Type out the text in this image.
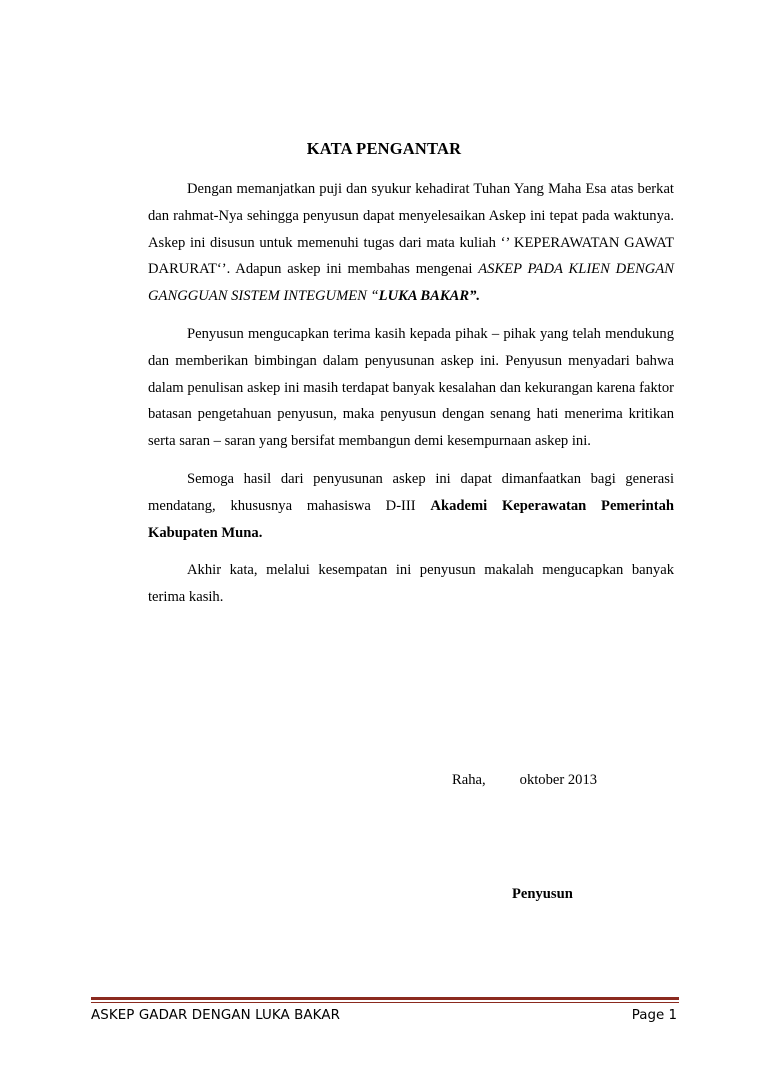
KATA PENGANTAR

Dengan memanjatkan puji dan syukur kehadirat Tuhan Yang Maha Esa atas berkat dan rahmat-Nya sehingga penyusun dapat menyelesaikan Askep ini tepat pada waktunya. Askep ini disusun untuk memenuhi tugas dari mata kuliah ‘’ KEPERAWATAN GAWAT DARURAT‘’. Adapun askep ini membahas mengenai ASKEP PADA KLIEN DENGAN GANGGUAN SISTEM INTEGUMEN “LUKA BAKAR”.

Penyusun mengucapkan terima kasih kepada pihak – pihak yang telah mendukung dan memberikan bimbingan dalam penyusunan askep ini. Penyusun menyadari bahwa dalam penulisan askep ini masih terdapat banyak kesalahan dan kekurangan karena faktor batasan pengetahuan penyusun, maka penyusun dengan senang hati menerima kritikan serta saran – saran yang bersifat membangun demi kesempurnaan askep ini.

Semoga hasil dari penyusunan askep ini dapat dimanfaatkan bagi generasi mendatang, khususnya mahasiswa D-III Akademi Keperawatan Pemerintah Kabupaten Muna.

Akhir kata, melalui kesempatan ini penyusun makalah mengucapkan banyak terima kasih.

Raha, oktober 2013
Penyusun
ASKEP GADAR DENGAN LUKA BAKAR	Page 1
